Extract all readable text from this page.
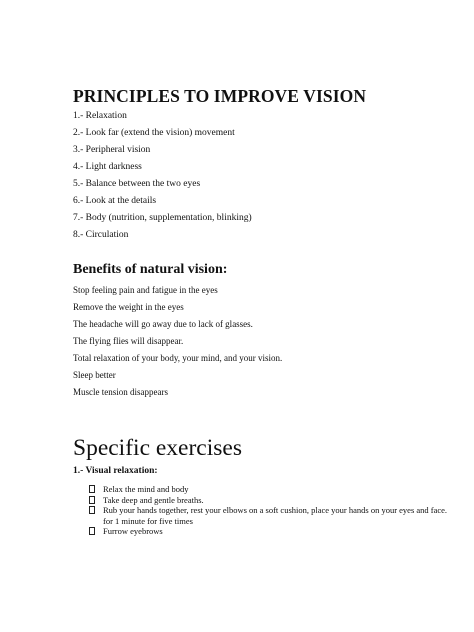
PRINCIPLES TO IMPROVE VISION
1.- Relaxation
2.- Look far (extend the vision) movement
3.- Peripheral vision
4.- Light darkness
5.- Balance between the two eyes
6.- Look at the details
7.- Body (nutrition, supplementation, blinking)
8.- Circulation
Benefits of natural vision:
Stop feeling pain and fatigue in the eyes
Remove the weight in the eyes
The headache will go away due to lack of glasses.
The flying flies will disappear.
Total relaxation of your body, your mind, and your vision.
Sleep better
Muscle tension disappears
Specific exercises
1.- Visual relaxation:
Relax the mind and body
Take deep and gentle breaths.
Rub your hands together, rest your elbows on a soft cushion, place your hands on your eyes and face.
for 1 minute for five times
Furrow eyebrows
